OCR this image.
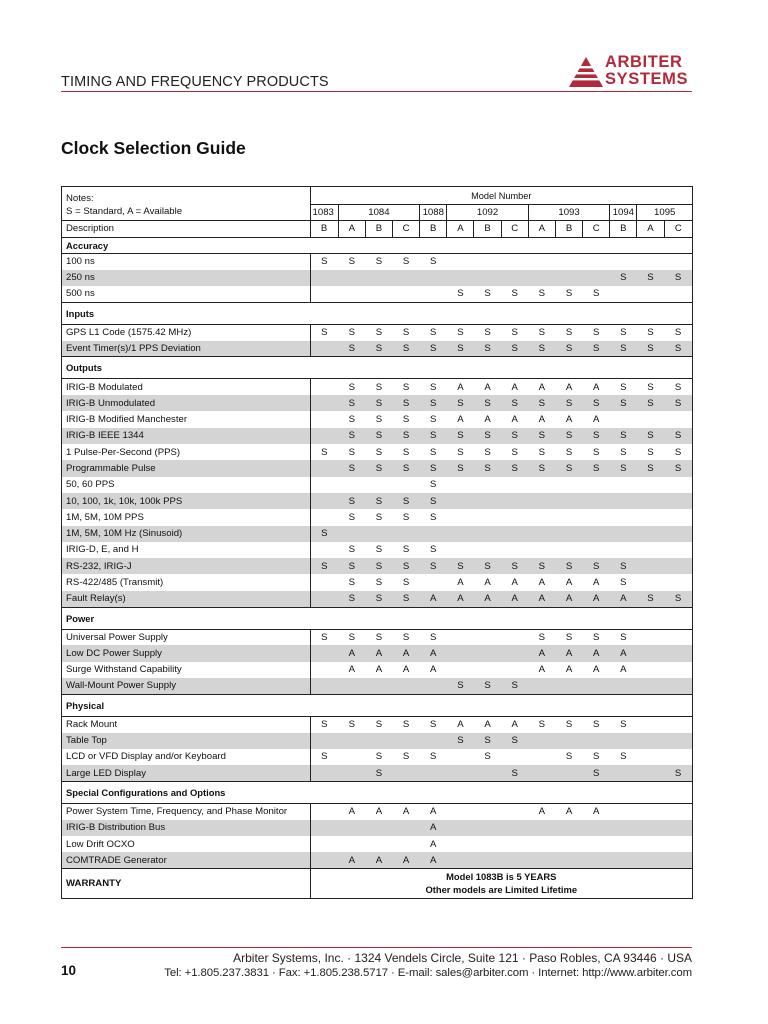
TIMING AND FREQUENCY PRODUCTS
ARBITER
SYSTEMS
Clock Selection Guide
Notes:
S = Standard, A = Available	Model Number													
	1083	1084			1088	1092			1093			1094	1095	
Description	B	A	B	C	B	A	B	C	A	B	C	B	A	C
Accuracy														
100 ns	S	S	S	S	S									
250 ns												S	S	S
500 ns						S	S	S	S	S	S			
Inputs														
GPS L1 Code (1575.42 MHz)	S	S	S	S	S	S	S	S	S	S	S	S	S	S
Event Timer(s)/1 PPS Deviation		S	S	S	S	S	S	S	S	S	S	S	S	S
Outputs														
IRIG-B Modulated		S	S	S	S	A	A	A	A	A	A	S	S	S
IRIG-B Unmodulated		S	S	S	S	S	S	S	S	S	S	S	S	S
IRIG-B Modified Manchester		S	S	S	S	A	A	A	A	A	A			
IRIG-B IEEE 1344		S	S	S	S	S	S	S	S	S	S	S	S	S
1 Pulse-Per-Second (PPS)	S	S	S	S	S	S	S	S	S	S	S	S	S	S
Programmable Pulse		S	S	S	S	S	S	S	S	S	S	S	S	S
50, 60 PPS					S									
10, 100, 1k, 10k, 100k PPS		S	S	S	S									
1M, 5M, 10M PPS		S	S	S	S									
1M, 5M, 10M Hz (Sinusoid)	S													
IRIG-D, E, and H		S	S	S	S									
RS-232, IRIG-J	S	S	S	S	S	S	S	S	S	S	S	S		
RS-422/485 (Transmit)		S	S	S		A	A	A	A	A	A	S		
Fault Relay(s)		S	S	S	A	A	A	A	A	A	A	A	S	S
Power														
Universal Power Supply	S	S	S	S	S				S	S	S	S		
Low DC Power Supply		A	A	A	A				A	A	A	A		
Surge Withstand Capability		A	A	A	A				A	A	A	A		
Wall-Mount Power Supply						S	S	S						
Physical														
Rack Mount	S	S	S	S	S	A	A	A	S	S	S	S		
Table Top						S	S	S						
LCD or VFD Display and/or Keyboard	S		S	S	S		S			S	S	S		
Large LED Display			S					S			S			S
Special Configurations and Options														
Power System Time, Frequency, and Phase Monitor		A	A	A	A				A	A	A			
IRIG-B Distribution Bus					A									
Low Drift OCXO					A									
COMTRADE Generator		A	A	A	A									
WARRANTY	Model 1083B is 5 YEARS
Other models are Limited Lifetime													
10
Arbiter Systems, Inc. · 1324 Vendels Circle, Suite 121 · Paso Robles, CA 93446 · USA
Tel: +1.805.237.3831 · Fax: +1.805.238.5717 · E-mail: sales@arbiter.com · Internet: http://www.arbiter.com
